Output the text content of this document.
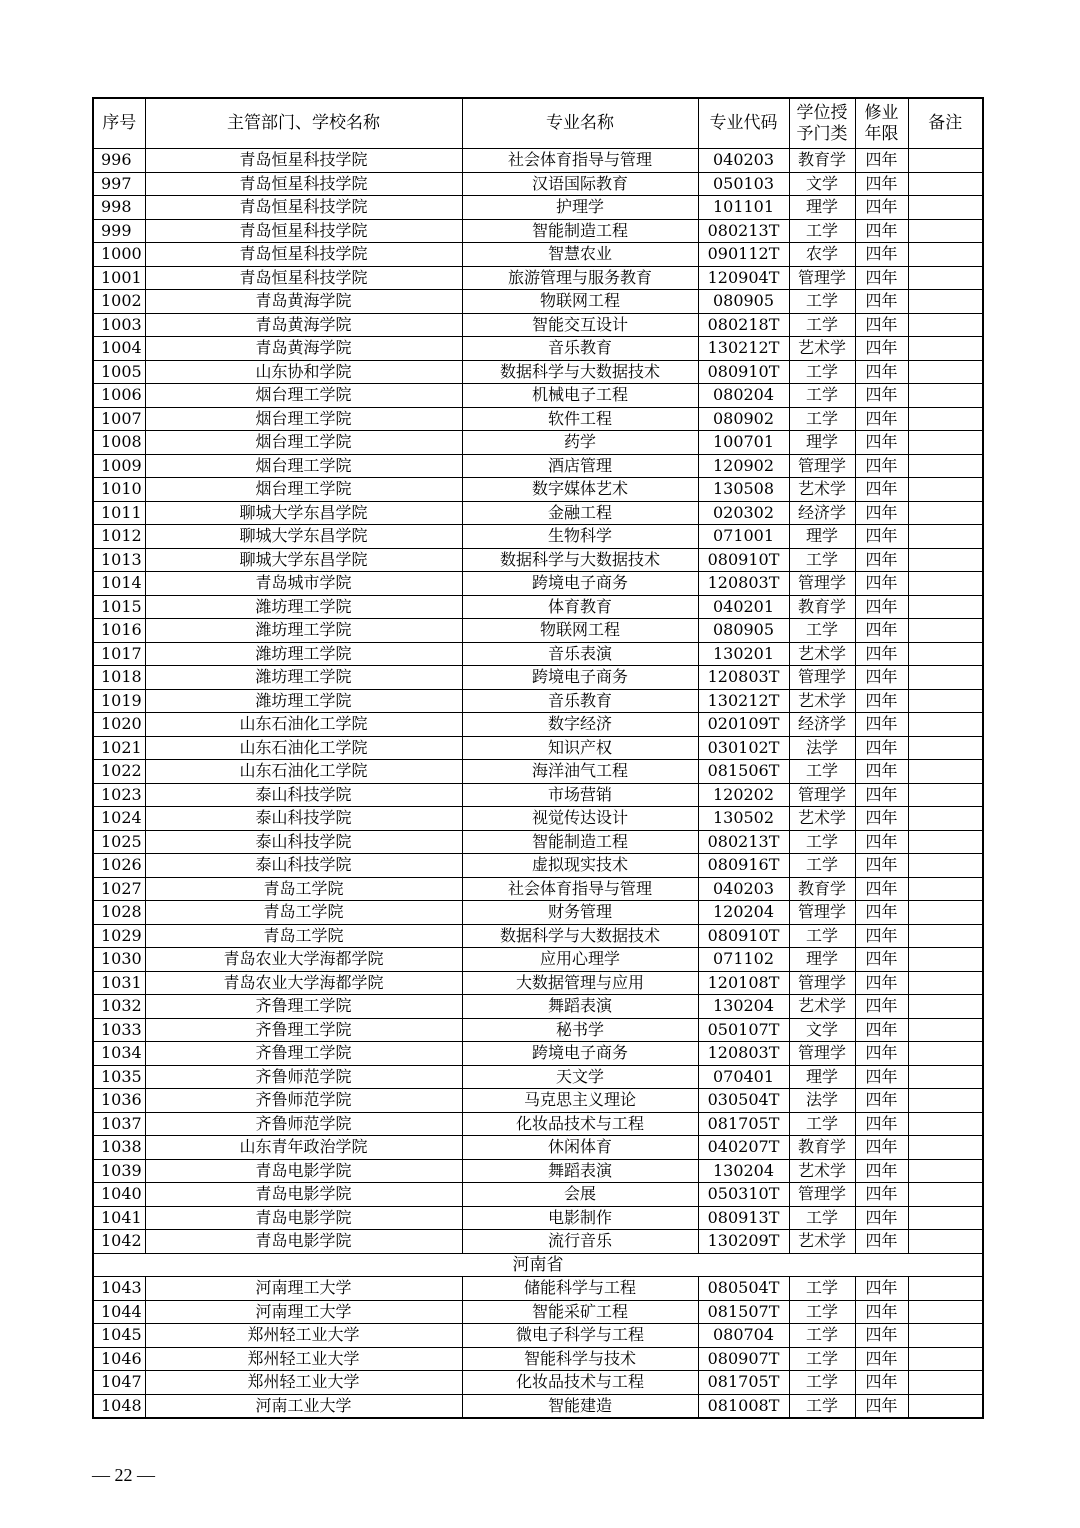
序号	主管部门、学校名称	专业名称	专业代码	学位授予门类	修业年限	备注
996	青岛恒星科技学院	社会体育指导与管理	040203	教育学	四年	
997	青岛恒星科技学院	汉语国际教育	050103	文学	四年	
998	青岛恒星科技学院	护理学	101101	理学	四年	
999	青岛恒星科技学院	智能制造工程	080213T	工学	四年	
1000	青岛恒星科技学院	智慧农业	090112T	农学	四年	
1001	青岛恒星科技学院	旅游管理与服务教育	120904T	管理学	四年	
1002	青岛黄海学院	物联网工程	080905	工学	四年	
1003	青岛黄海学院	智能交互设计	080218T	工学	四年	
1004	青岛黄海学院	音乐教育	130212T	艺术学	四年	
1005	山东协和学院	数据科学与大数据技术	080910T	工学	四年	
1006	烟台理工学院	机械电子工程	080204	工学	四年	
1007	烟台理工学院	软件工程	080902	工学	四年	
1008	烟台理工学院	药学	100701	理学	四年	
1009	烟台理工学院	酒店管理	120902	管理学	四年	
1010	烟台理工学院	数字媒体艺术	130508	艺术学	四年	
1011	聊城大学东昌学院	金融工程	020302	经济学	四年	
1012	聊城大学东昌学院	生物科学	071001	理学	四年	
1013	聊城大学东昌学院	数据科学与大数据技术	080910T	工学	四年	
1014	青岛城市学院	跨境电子商务	120803T	管理学	四年	
1015	潍坊理工学院	体育教育	040201	教育学	四年	
1016	潍坊理工学院	物联网工程	080905	工学	四年	
1017	潍坊理工学院	音乐表演	130201	艺术学	四年	
1018	潍坊理工学院	跨境电子商务	120803T	管理学	四年	
1019	潍坊理工学院	音乐教育	130212T	艺术学	四年	
1020	山东石油化工学院	数字经济	020109T	经济学	四年	
1021	山东石油化工学院	知识产权	030102T	法学	四年	
1022	山东石油化工学院	海洋油气工程	081506T	工学	四年	
1023	泰山科技学院	市场营销	120202	管理学	四年	
1024	泰山科技学院	视觉传达设计	130502	艺术学	四年	
1025	泰山科技学院	智能制造工程	080213T	工学	四年	
1026	泰山科技学院	虚拟现实技术	080916T	工学	四年	
1027	青岛工学院	社会体育指导与管理	040203	教育学	四年	
1028	青岛工学院	财务管理	120204	管理学	四年	
1029	青岛工学院	数据科学与大数据技术	080910T	工学	四年	
1030	青岛农业大学海都学院	应用心理学	071102	理学	四年	
1031	青岛农业大学海都学院	大数据管理与应用	120108T	管理学	四年	
1032	齐鲁理工学院	舞蹈表演	130204	艺术学	四年	
1033	齐鲁理工学院	秘书学	050107T	文学	四年	
1034	齐鲁理工学院	跨境电子商务	120803T	管理学	四年	
1035	齐鲁师范学院	天文学	070401	理学	四年	
1036	齐鲁师范学院	马克思主义理论	030504T	法学	四年	
1037	齐鲁师范学院	化妆品技术与工程	081705T	工学	四年	
1038	山东青年政治学院	休闲体育	040207T	教育学	四年	
1039	青岛电影学院	舞蹈表演	130204	艺术学	四年	
1040	青岛电影学院	会展	050310T	管理学	四年	
1041	青岛电影学院	电影制作	080913T	工学	四年	
1042	青岛电影学院	流行音乐	130209T	艺术学	四年	
河南省						
1043	河南理工大学	储能科学与工程	080504T	工学	四年	
1044	河南理工大学	智能采矿工程	081507T	工学	四年	
1045	郑州轻工业大学	微电子科学与工程	080704	工学	四年	
1046	郑州轻工业大学	智能科学与技术	080907T	工学	四年	
1047	郑州轻工业大学	化妆品技术与工程	081705T	工学	四年	
1048	河南工业大学	智能建造	081008T	工学	四年	
— 22 —
